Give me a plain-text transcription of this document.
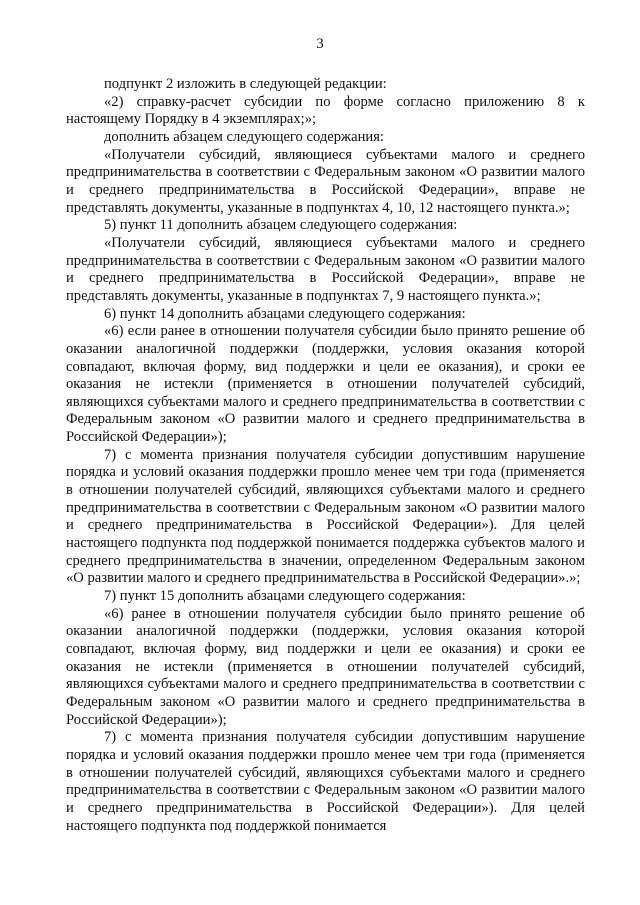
3

подпункт 2 изложить в следующей редакции:

«2) справку-расчет субсидии по форме согласно приложению 8 к настоящему Порядку в 4 экземплярах;»;

дополнить абзацем следующего содержания:

«Получатели субсидий, являющиеся субъектами малого и среднего предпринимательства в соответствии с Федеральным законом «О развитии малого и среднего предпринимательства в Российской Федерации», вправе не представлять документы, указанные в подпунктах 4, 10, 12 настоящего пункта.»;

5) пункт 11 дополнить абзацем следующего содержания:

«Получатели субсидий, являющиеся субъектами малого и среднего предпринимательства в соответствии с Федеральным законом «О развитии малого и среднего предпринимательства в Российской Федерации», вправе не представлять документы, указанные в подпунктах 7, 9 настоящего пункта.»;

6) пункт 14 дополнить абзацами следующего содержания:

«6) если ранее в отношении получателя субсидии было принято решение об оказании аналогичной поддержки (поддержки, условия оказания которой совпадают, включая форму, вид поддержки и цели ее оказания), и сроки ее оказания не истекли (применяется в отношении получателей субсидий, являющихся субъектами малого и среднего предпринимательства в соответствии с Федеральным законом «О развитии малого и среднего предпринимательства в Российской Федерации»);

7) с момента признания получателя субсидии допустившим нарушение порядка и условий оказания поддержки прошло менее чем три года (применяется в отношении получателей субсидий, являющихся субъектами малого и среднего предпринимательства в соответствии с Федеральным законом «О развитии малого и среднего предпринимательства в Российской Федерации»). Для целей настоящего подпункта под поддержкой понимается поддержка субъектов малого и среднего предпринимательства в значении, определенном Федеральным законом «О развитии малого и среднего предпринимательства в Российской Федерации».»;

7) пункт 15 дополнить абзацами следующего содержания:

«6) ранее в отношении получателя субсидии было принято решение об оказании аналогичной поддержки (поддержки, условия оказания которой совпадают, включая форму, вид поддержки и цели ее оказания) и сроки ее оказания не истекли (применяется в отношении получателей субсидий, являющихся субъектами малого и среднего предпринимательства в соответствии с Федеральным законом «О развитии малого и среднего предпринимательства в Российской Федерации»);

7) с момента признания получателя субсидии допустившим нарушение порядка и условий оказания поддержки прошло менее чем три года (применяется в отношении получателей субсидий, являющихся субъектами малого и среднего предпринимательства в соответствии с Федеральным законом «О развитии малого и среднего предпринимательства в Российской Федерации»). Для целей настоящего подпункта под поддержкой понимается
